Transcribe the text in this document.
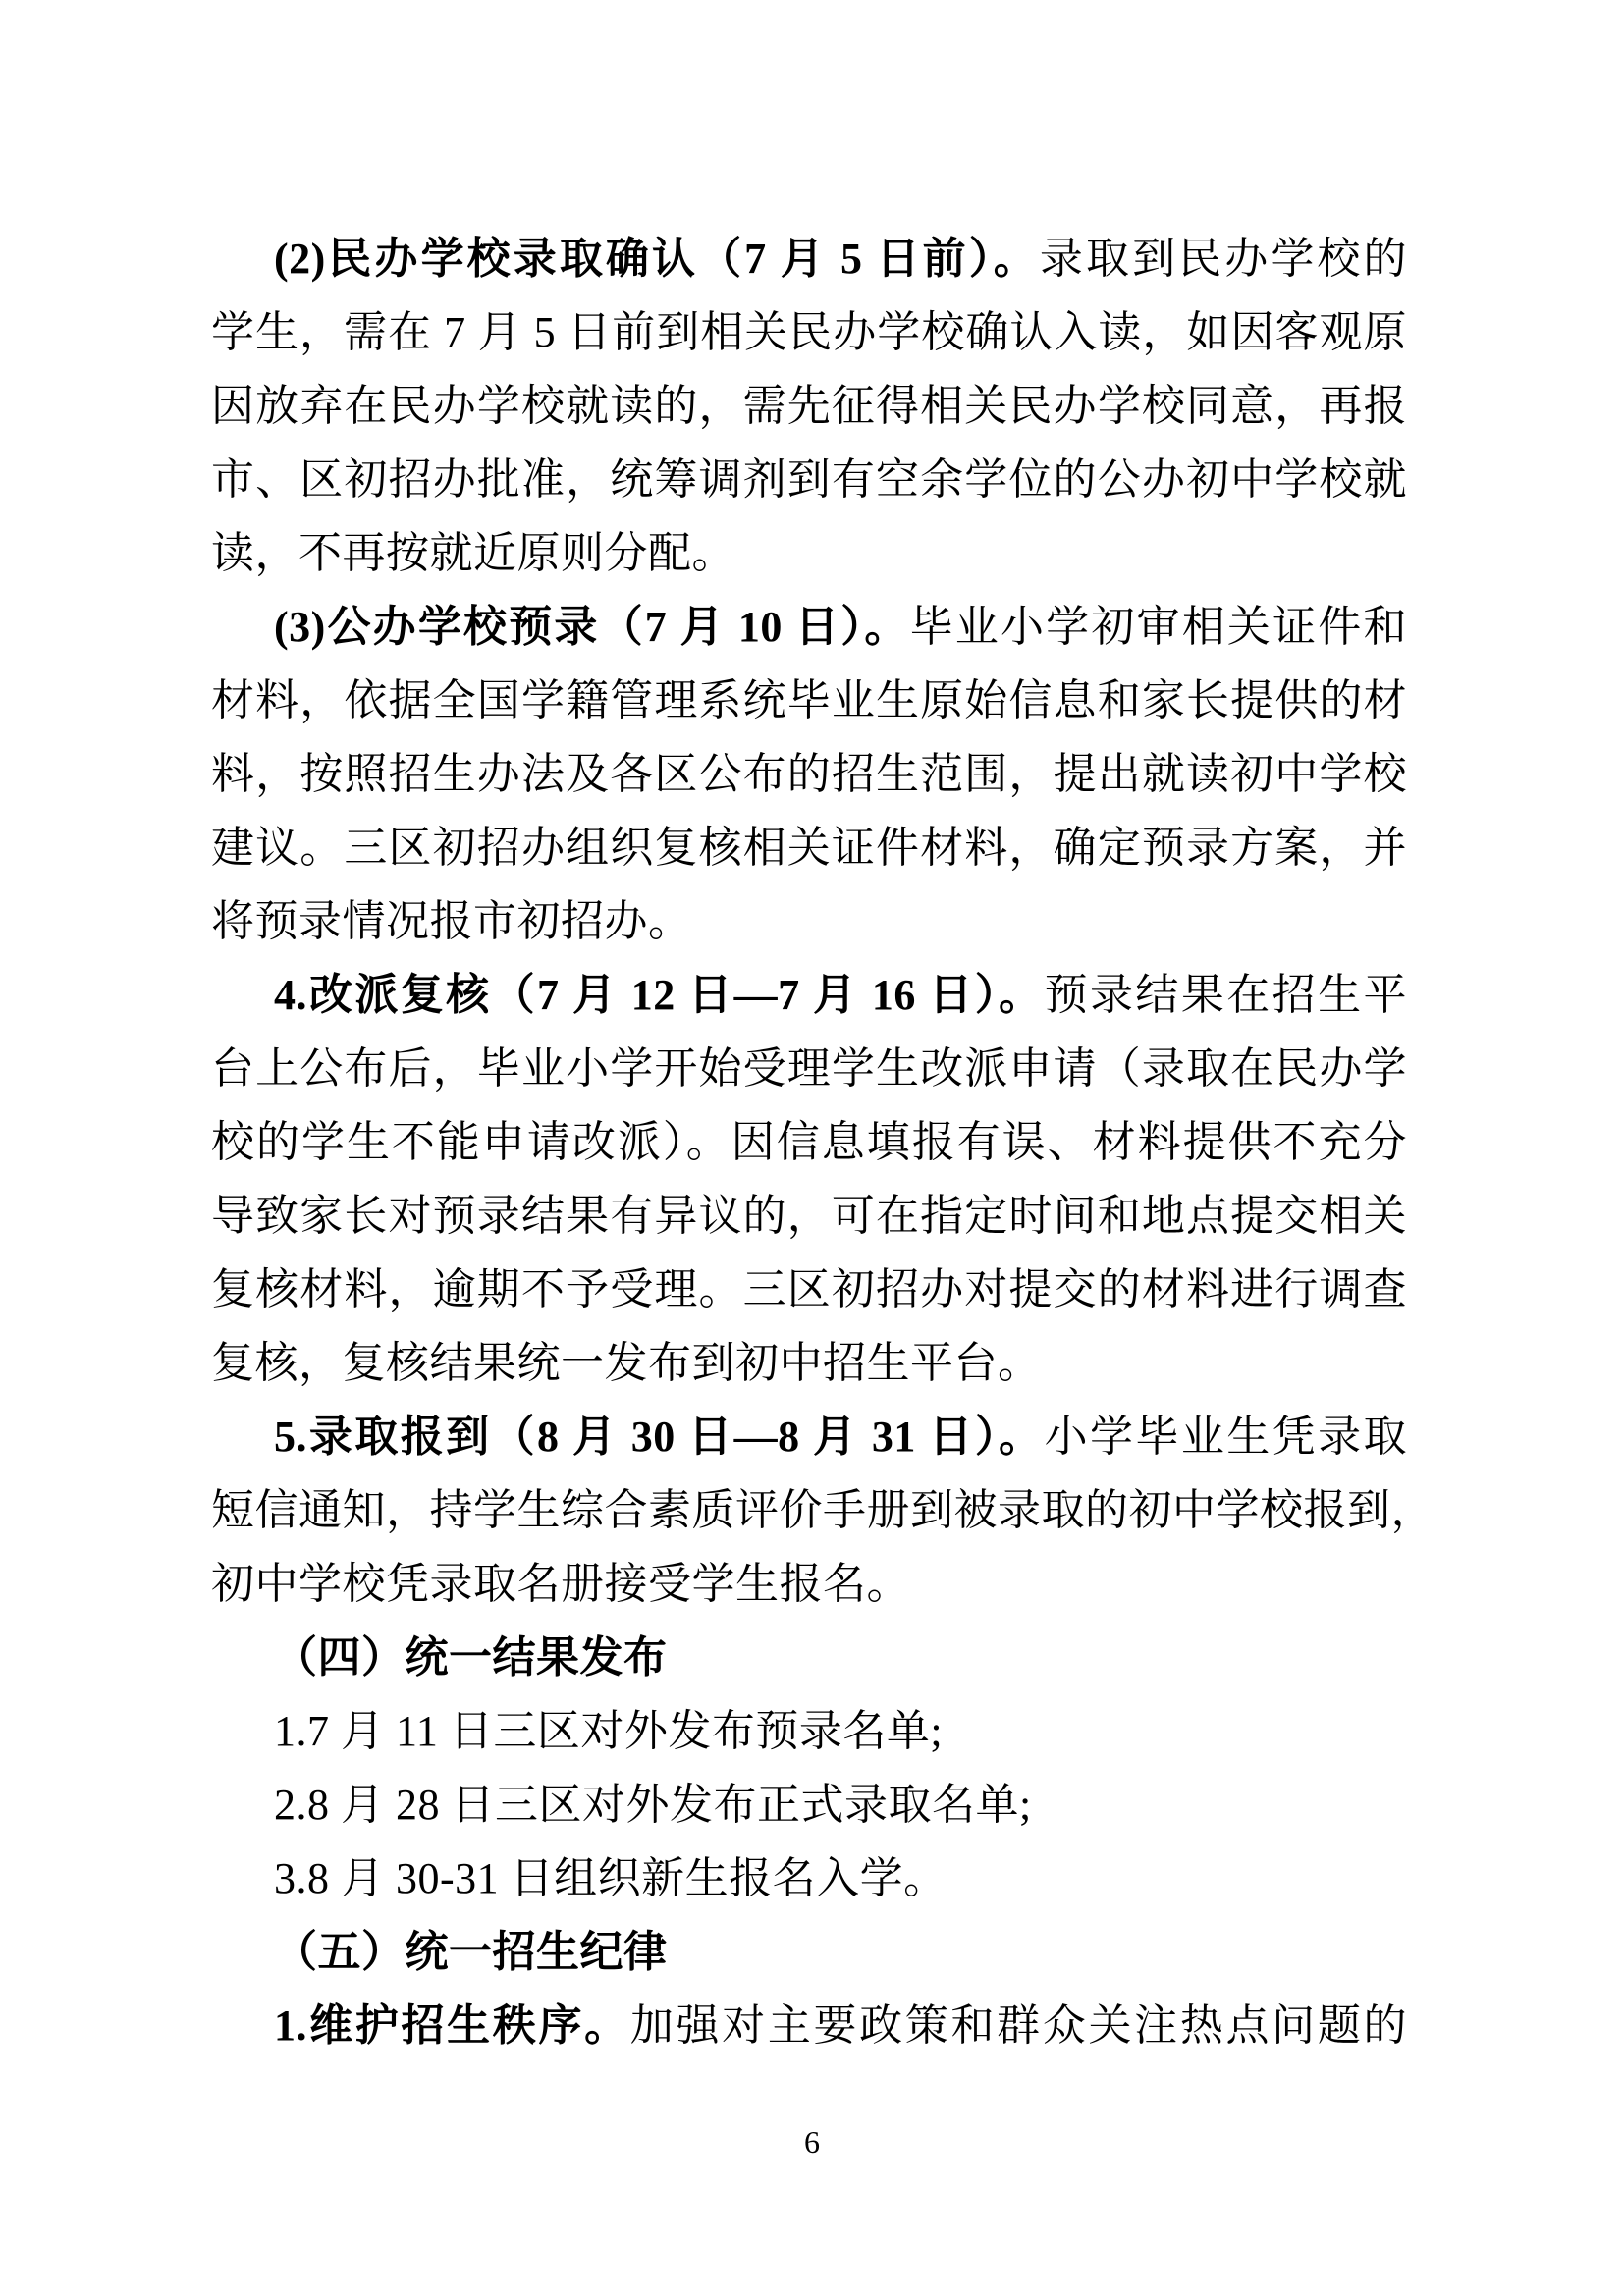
(2)民办学校录取确认（7 月 5 日前）。录取到民办学校的
学生，需在 7 月 5 日前到相关民办学校确认入读，如因客观原
因放弃在民办学校就读的，需先征得相关民办学校同意，再报
市、区初招办批准，统筹调剂到有空余学位的公办初中学校就
读，不再按就近原则分配。
(3)公办学校预录（7 月 10 日）。毕业小学初审相关证件和
材料，依据全国学籍管理系统毕业生原始信息和家长提供的材
料，按照招生办法及各区公布的招生范围，提出就读初中学校
建议。三区初招办组织复核相关证件材料，确定预录方案，并
将预录情况报市初招办。
4.改派复核（7 月 12 日—7 月 16 日）。预录结果在招生平
台上公布后，毕业小学开始受理学生改派申请（录取在民办学
校的学生不能申请改派）。因信息填报有误、材料提供不充分
导致家长对预录结果有异议的，可在指定时间和地点提交相关
复核材料，逾期不予受理。三区初招办对提交的材料进行调查
复核，复核结果统一发布到初中招生平台。
5.录取报到（8 月 30 日—8 月 31 日）。小学毕业生凭录取
短信通知，持学生综合素质评价手册到被录取的初中学校报到，
初中学校凭录取名册接受学生报名。
（四）统一结果发布
1.7 月 11 日三区对外发布预录名单;
2.8 月 28 日三区对外发布正式录取名单;
3.8 月 30-31 日组织新生报名入学。
（五）统一招生纪律
1.维护招生秩序。加强对主要政策和群众关注热点问题的
6
